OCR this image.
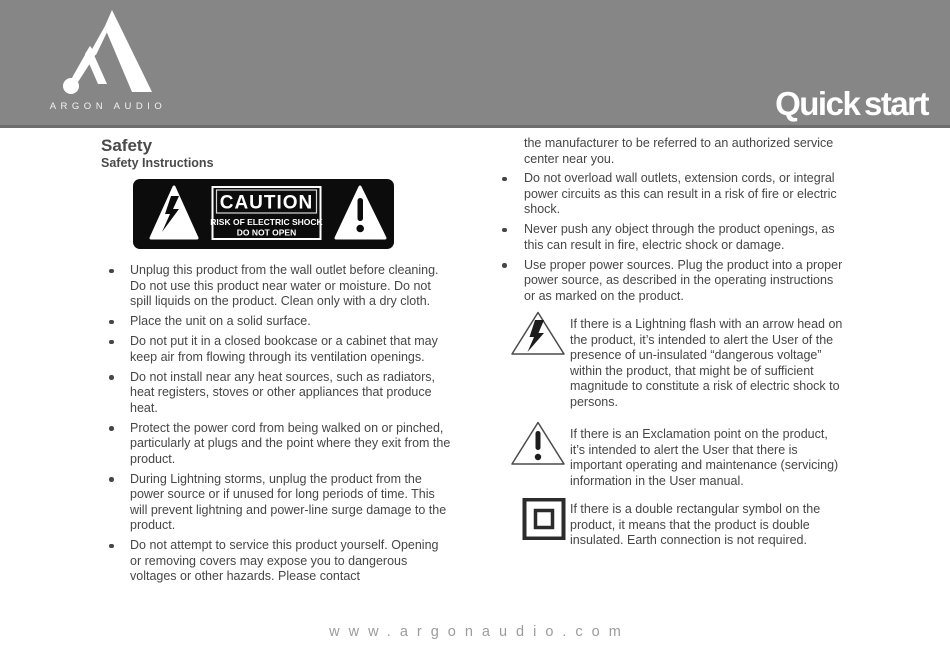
ARGON AUDIO	Quick start
Safety
Safety Instructions
CAUTION
RISK OF ELECTRIC SHOCK
DO NOT OPEN
Unplug this product from the wall outlet before cleaning. Do not use this product near water or moisture. Do not spill liquids on the product. Clean only with a dry cloth.
Place the unit on a solid surface.
Do not put it in a closed bookcase or a cabinet that may keep air from flowing through its ventilation openings.
Do not install near any heat sources, such as radiators, heat registers, stoves or other appliances that produce heat.
Protect the power cord from being walked on or pinched, particularly at plugs and the point where they exit from the product.
During Lightning storms, unplug the product from the power source or if unused for long periods of time. This will prevent lightning and power-line surge damage to the product.
Do not attempt to service this product yourself. Opening or removing covers may expose you to dangerous voltages or other hazards. Please contact

the manufacturer to be referred to an authorized service center near you.

Do not overload wall outlets, extension cords, or integral power circuits as this can result in a risk of fire or electric shock.
Never push any object through the product openings, as this can result in fire, electric shock or damage.
Use proper power sources. Plug the product into a proper power source, as described in the operating instructions or as marked on the product.

If there is a Lightning flash with an arrow head on the product, it’s intended to alert the User of the presence of un-insulated “dangerous voltage” within the product, that might be of sufficient magnitude to constitute a risk of electric shock to persons.

If there is an Exclamation point on the product, it’s intended to alert the User that there is important operating and maintenance (servicing) information in the User manual.

If there is a double rectangular symbol on the product, it means that the product is double insulated. Earth connection is not required.

www.argonaudio.com
